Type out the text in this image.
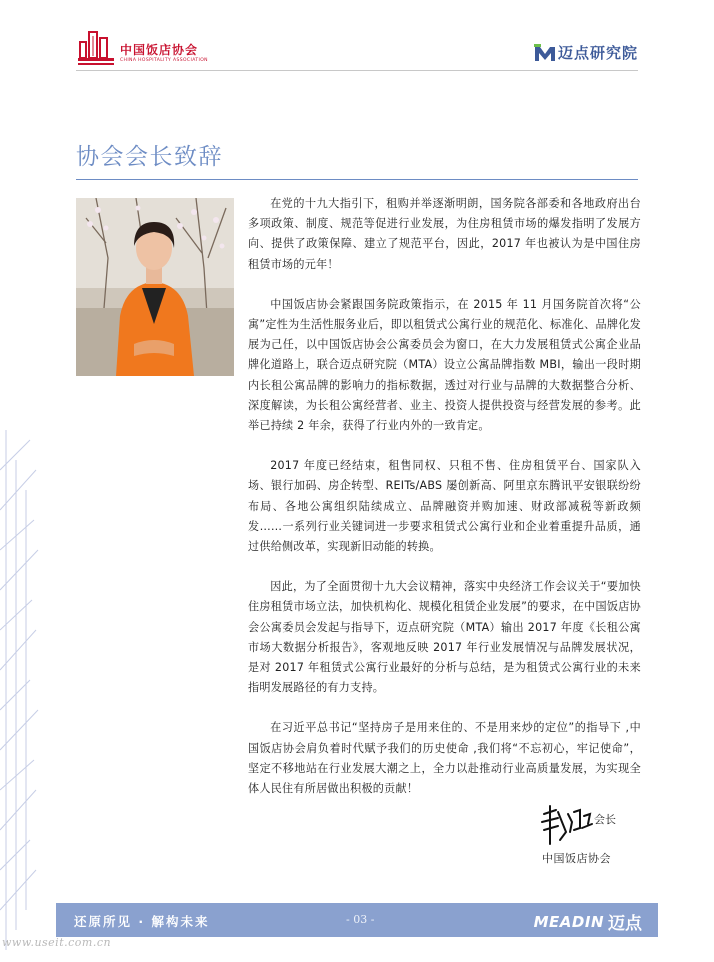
中国饭店协会
CHINA HOSPITALITY ASSOCIATION	迈点研究院
协会会长致辞

在党的十九大指引下，租购并举逐渐明朗，国务院各部委和各地政府出台多项政策、制度、规范等促进行业发展，为住房租赁市场的爆发指明了发展方向、提供了政策保障、建立了规范平台，因此，2017 年也被认为是中国住房租赁市场的元年！

中国饭店协会紧跟国务院政策指示，在 2015 年 11 月国务院首次将“公寓”定性为生活性服务业后，即以租赁式公寓行业的规范化、标准化、品牌化发展为己任，以中国饭店协会公寓委员会为窗口，在大力发展租赁式公寓企业品牌化道路上，联合迈点研究院（MTA）设立公寓品牌指数 MBI，输出一段时期内长租公寓品牌的影响力的指标数据，透过对行业与品牌的大数据整合分析、深度解读，为长租公寓经营者、业主、投资人提供投资与经营发展的参考。此举已持续 2 年余，获得了行业内外的一致肯定。

2017 年度已经结束，租售同权、只租不售、住房租赁平台、国家队入场、银行加码、房企转型、REITs/ABS 屡创新高、阿里京东腾讯平安银联纷纷布局、各地公寓组织陆续成立、品牌融资并购加速、财政部减税等新政频发……一系列行业关键词进一步要求租赁式公寓行业和企业着重提升品质，通过供给侧改革，实现新旧动能的转换。

因此，为了全面贯彻十九大会议精神，落实中央经济工作会议关于“要加快住房租赁市场立法，加快机构化、规模化租赁企业发展”的要求，在中国饭店协会公寓委员会发起与指导下，迈点研究院（MTA）输出 2017 年度《长租公寓市场大数据分析报告》，客观地反映 2017 年行业发展情况与品牌发展状况，是对 2017 年租赁式公寓行业最好的分析与总结，是为租赁式公寓行业的未来指明发展路径的有力支持。

在习近平总书记“坚持房子是用来住的、不是用来炒的定位”的指导下 ,中国饭店协会肩负着时代赋予我们的历史使命 ,我们将“不忘初心，牢记使命”，坚定不移地站在行业发展大潮之上，全力以赴推动行业高质量发展，为实现全体人民住有所居做出积极的贡献！

会长
中国饭店协会
还原所见 · 解构未来	- 03 -	MEADIN 迈点
www.useit.com.cn
